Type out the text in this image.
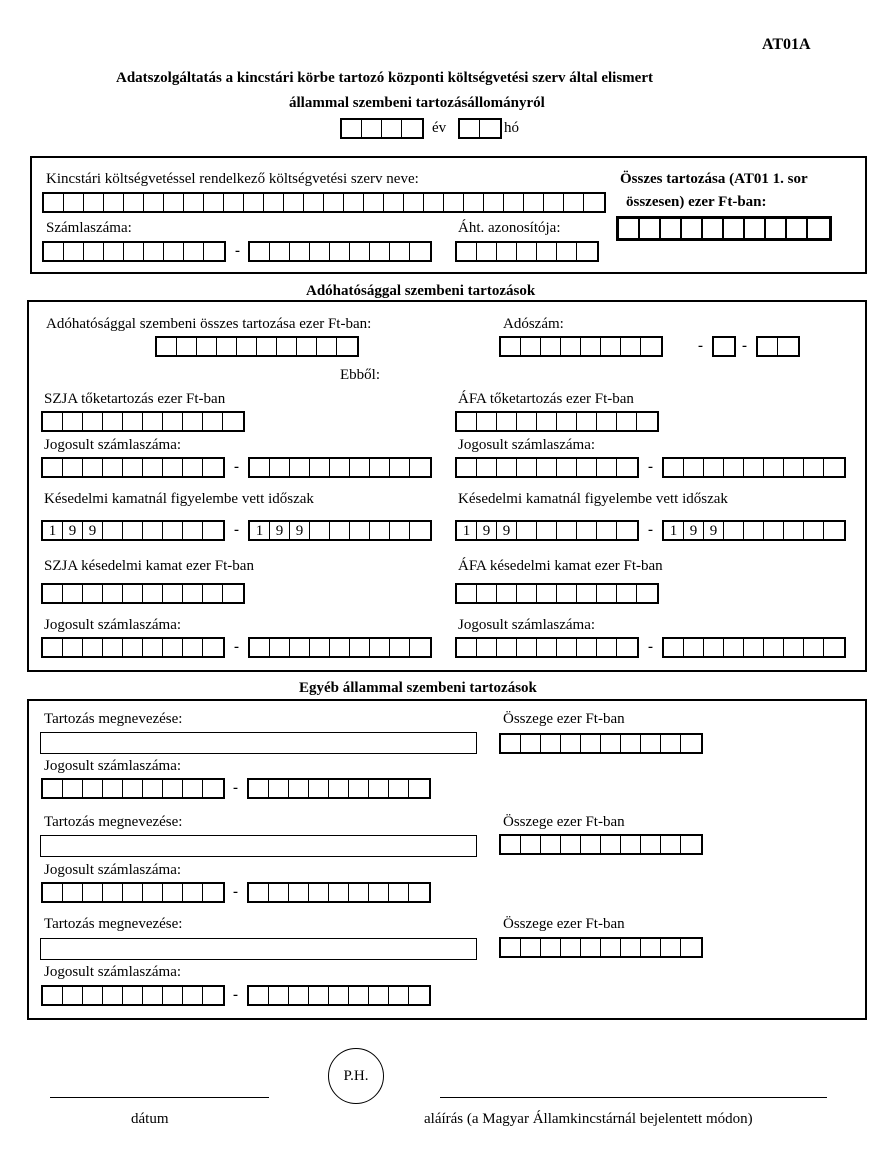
AT01A
Adatszolgáltatás a kincstári körbe tartozó központi költségvetési szerv által elismert
állammal szembeni tartozásállományról
év	hó
Kincstári költségvetéssel rendelkező költségvetési szerv neve:	Összes tartozása (AT01 1. sor
összesen) ezer Ft-ban:
Számlaszáma:
-
Áht. azonosítója:
Adóhatósággal szembeni tartozások
Adóhatósággal szembeni összes tartozása ezer Ft-ban:	Adószám:
-	-
Ebből:
SZJA tőketartozás ezer Ft-ban	ÁFA tőketartozás ezer Ft-ban
Jogosult számlaszáma:
-
Jogosult számlaszáma:
-
Késedelmi kamatnál figyelembe vett időszak
1 9 9	-	1 9 9
Késedelmi kamatnál figyelembe vett időszak
1 9 9	-	1 9 9
SZJA késedelmi kamat ezer Ft-ban	ÁFA késedelmi kamat ezer Ft-ban
Jogosult számlaszáma:
-
Jogosult számlaszáma:
-
Egyéb állammal szembeni tartozások
Tartozás megnevezése:	Összege ezer Ft-ban
Jogosult számlaszáma:
-
Tartozás megnevezése:	Összege ezer Ft-ban
Jogosult számlaszáma:
-
Tartozás megnevezése:	Összege ezer Ft-ban
Jogosult számlaszáma:
-
P.H.
dátum	aláírás (a Magyar Államkincstárnál bejelentett módon)
